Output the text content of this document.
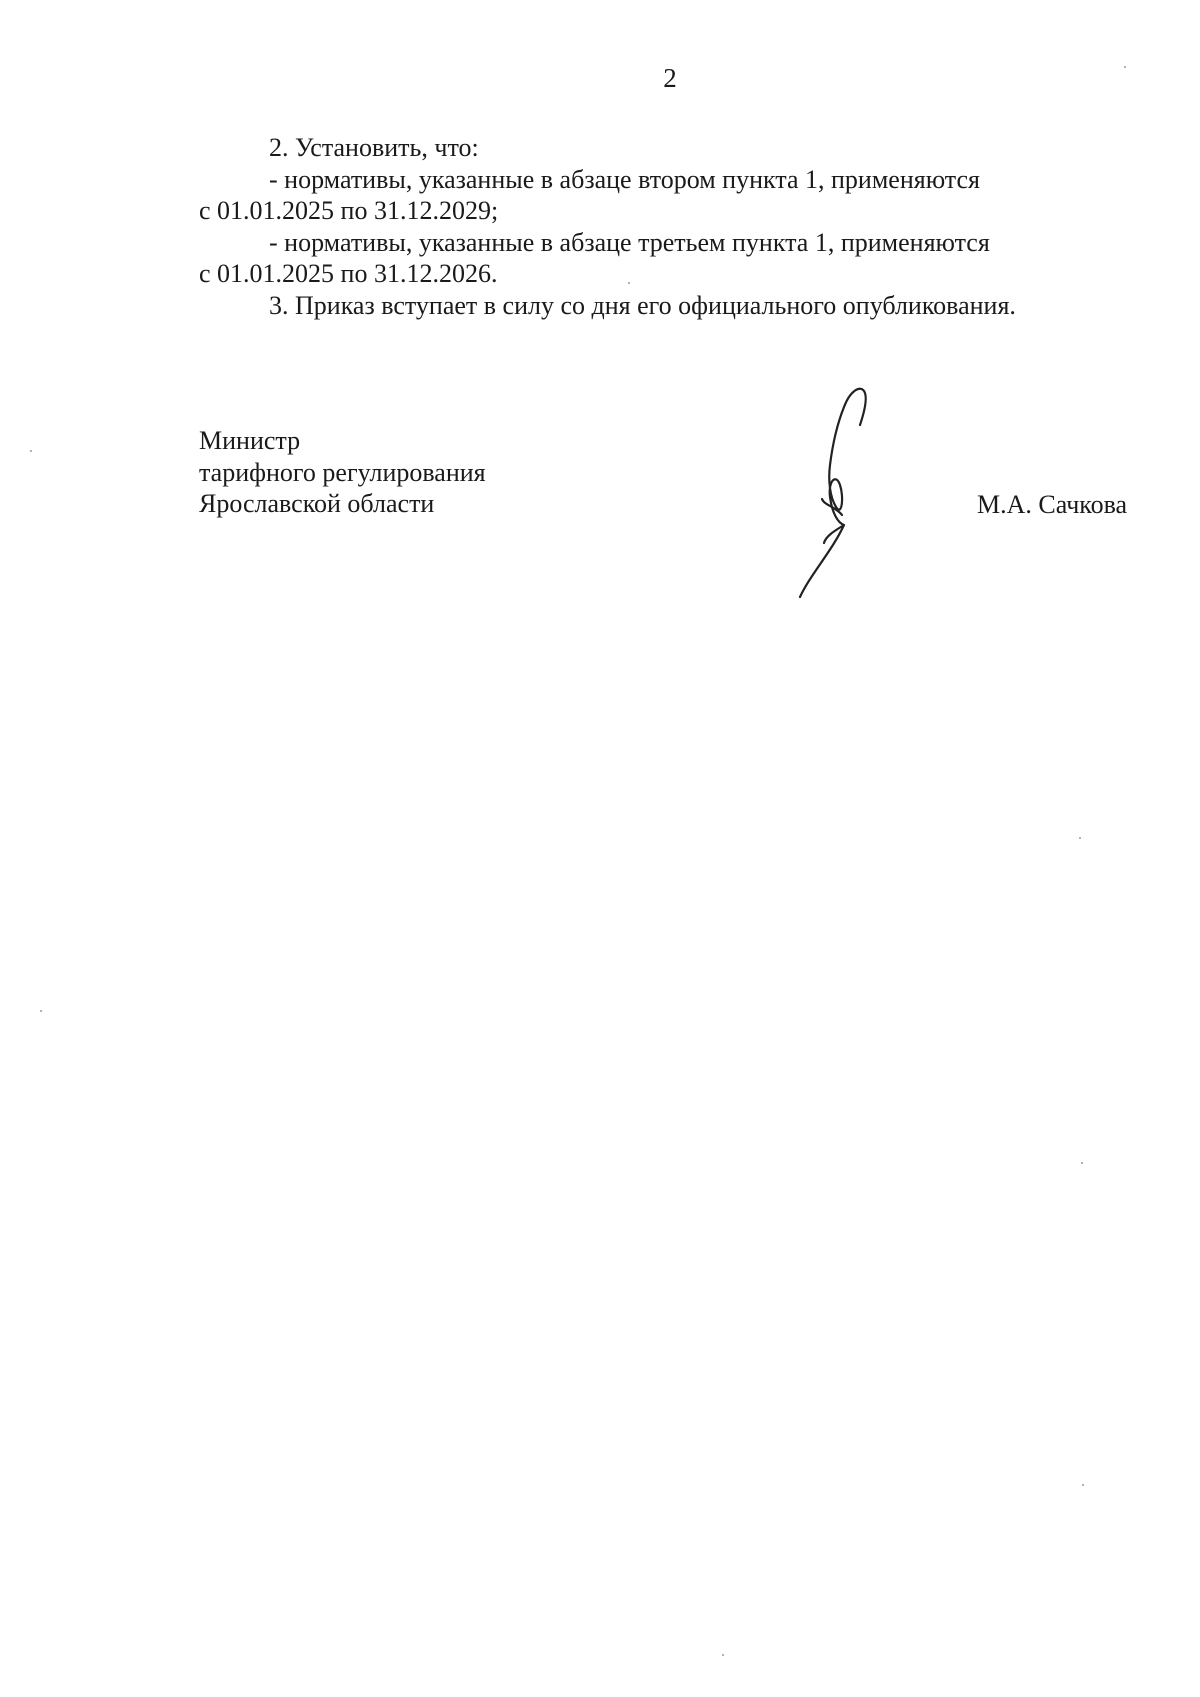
2

2. Установить, что:

- нормативы, указанные в абзаце втором пункта 1, применяются

с 01.01.2025 по 31.12.2029;

- нормативы, указанные в абзаце третьем пункта 1, применяются

с 01.01.2025 по 31.12.2026.

3. Приказ вступает в силу со дня его официального опубликования.

Министр
тарифного регулирования
Ярославской области	М.А. Сачкова
